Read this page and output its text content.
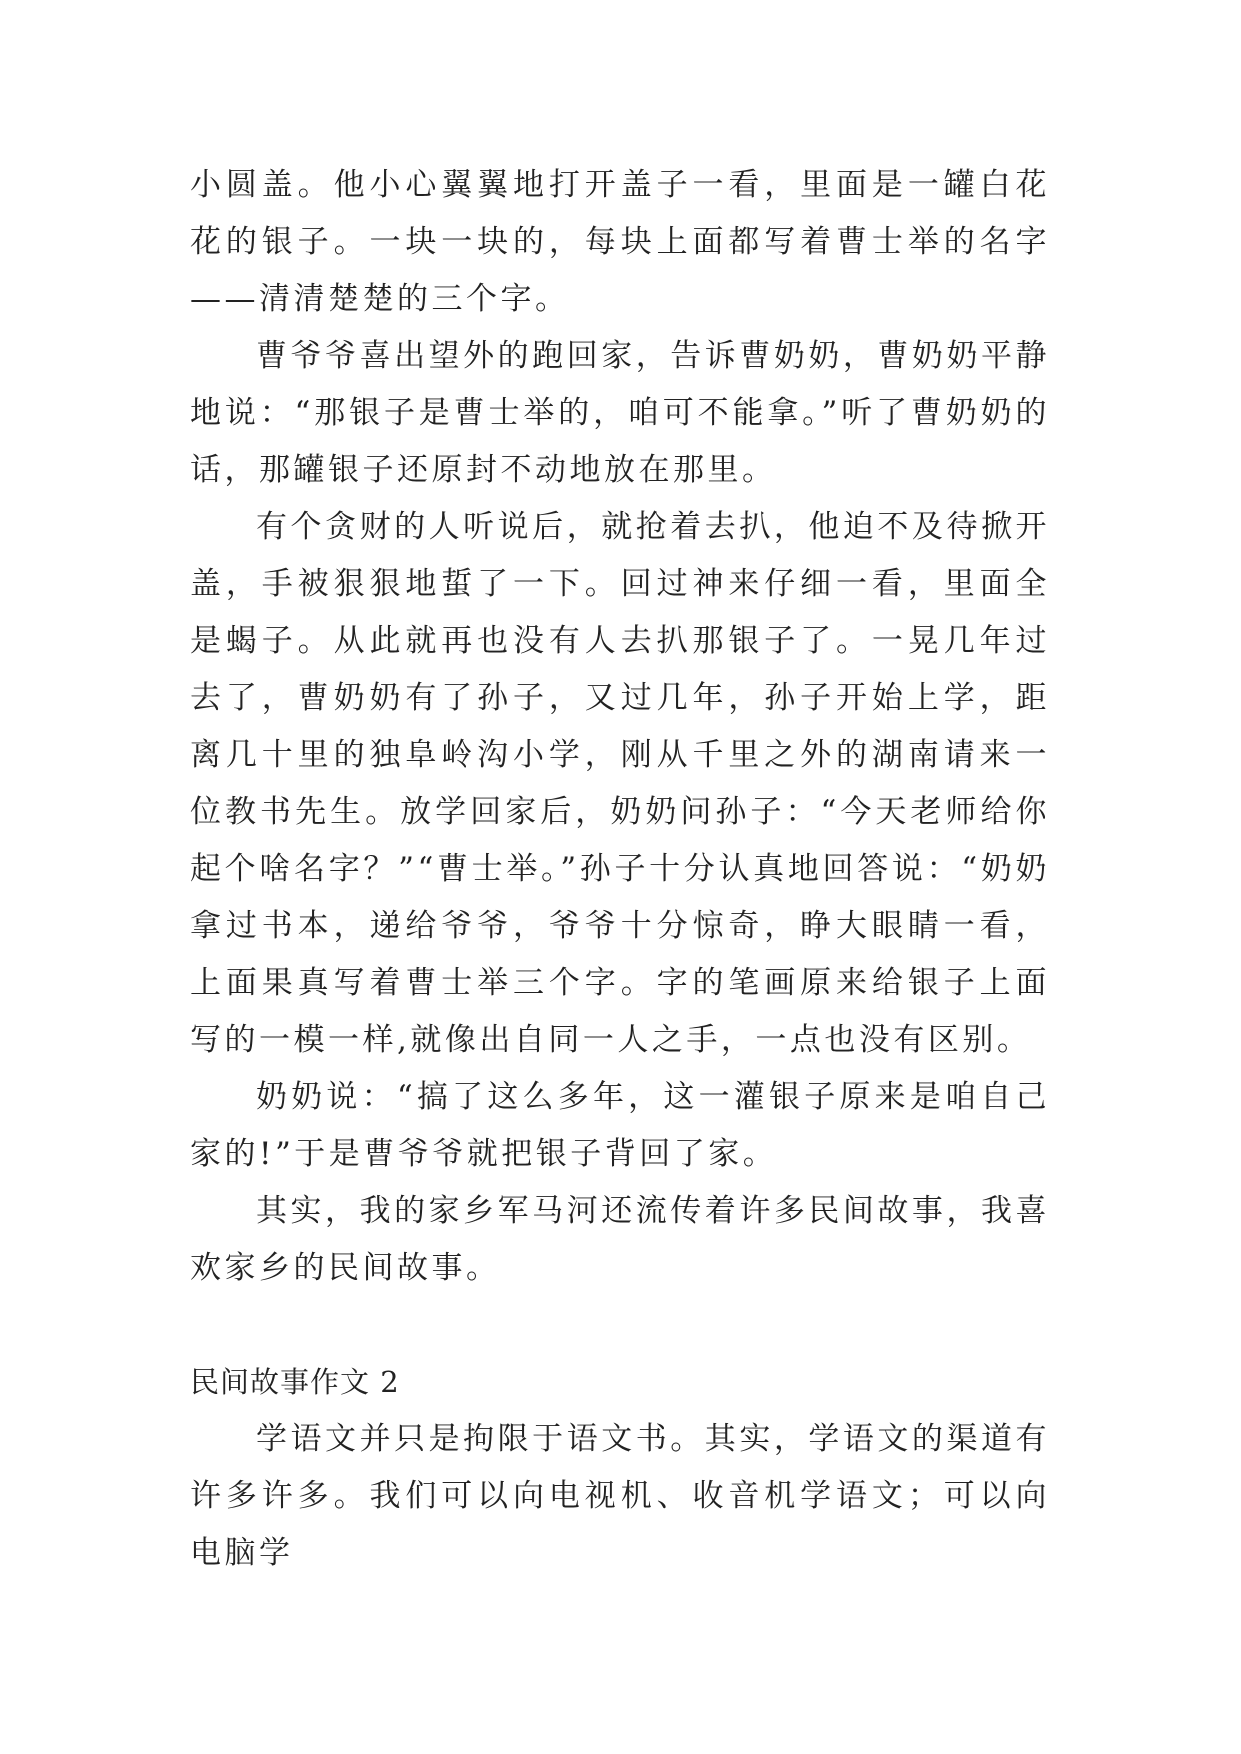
小圆盖。他小心翼翼地打开盖子一看，里面是一罐白花花的银子。一块一块的，每块上面都写着曹士举的名字——清清楚楚的三个字。

曹爷爷喜出望外的跑回家，告诉曹奶奶，曹奶奶平静地说：“那银子是曹士举的，咱可不能拿。”听了曹奶奶的话，那罐银子还原封不动地放在那里。

有个贪财的人听说后，就抢着去扒，他迫不及待掀开盖，手被狠狠地蜇了一下。回过神来仔细一看，里面全是蝎子。从此就再也没有人去扒那银子了。一晃几年过去了，曹奶奶有了孙子，又过几年，孙子开始上学，距离几十里的独阜岭沟小学，刚从千里之外的湖南请来一位教书先生。放学回家后，奶奶问孙子：“今天老师给你起个啥名字？”“曹士举。”孙子十分认真地回答说：“奶奶拿过书本，递给爷爷，爷爷十分惊奇，睁大眼睛一看，上面果真写着曹士举三个字。字的笔画原来给银子上面写的一模一样,就像出自同一人之手，一点也没有区别。

奶奶说：“搞了这么多年，这一灌银子原来是咱自己家的!”于是曹爷爷就把银子背回了家。

其实，我的家乡军马河还流传着许多民间故事，我喜欢家乡的民间故事。

民间故事作文 2

学语文并只是拘限于语文书。其实，学语文的渠道有许多许多。我们可以向电视机、收音机学语文；可以向电脑学
